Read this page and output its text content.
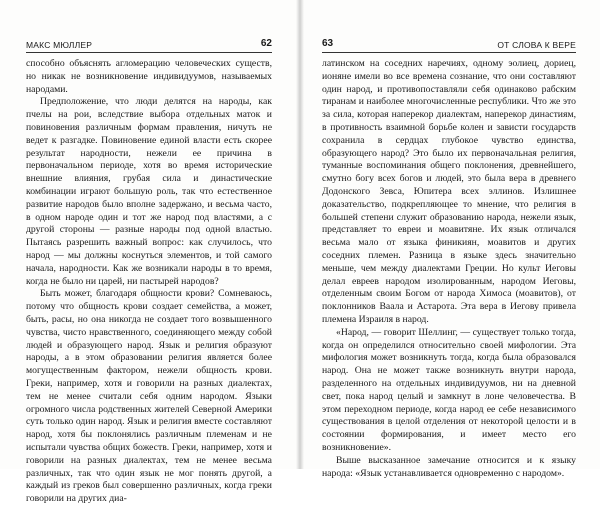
МАКС МЮЛЛЕР	62

способно объяснять агломерацию человеческих существ, но никак не возникновение индивидуумов, называемых народами.

Предположение, что люди делятся на народы, как пчелы на рои, вследствие выбора отдельных маток и повиновения различным формам правления, ничуть не ведет к разгадке. Повиновение единой власти есть скорее результат народности, нежели ее причина в первоначальном периоде, хотя во время исторические внешние влияния, грубая сила и династические комбинации играют большую роль, так что естественное развитие народов было вполне задержано, и весьма часто, в одном народе один и тот же народ под властями, а с другой стороны — разные народы под одной властью. Пытаясь разрешить важный вопрос: как случилось, что народ — мы должны коснуться элементов, и той самого начала, народности. Как же возникали народы в то время, когда не было ни царей, ни пастырей народов?

Быть может, благодаря общности крови? Сомневаюсь, потому что общность крови создает семейства, а может, быть, расы, но она никогда не создает того возвышенного чувства, чисто нравственного, соединяющего между собой людей и образующего народ. Язык и религия образуют народы, а в этом образовании религия является более могущественным фактором, нежели общность крови. Греки, например, хотя и говорили на разных диалектах, тем не менее считали себя одним народом. Языки огромного числа родственных жителей Северной Америки суть только один народ. Язык и религия вместе составляют народ, хотя бы поклонялись различным племенам и не испытали чувства общих божеств. Греки, например, хотя и говорили на разных диалектах, тем не менее весьма различных, так что один язык не мог понять другой, а каждый из греков был совершенно различных, когда греки говорили на других диа-

63	ОТ СЛОВА К ВЕРЕ

латинском на соседних наречиях, одному эолиец, дориец, ионяне имели во все времена сознание, что они составляют один народ, и противопоставляли себя одинаково рабским тиранам и наиболее многочисленные республики. Что же это за сила, которая наперекор диалектам, наперекор династиям, в противность взаимной борьбе колен и зависти государств сохранила в сердцах глубокое чувство единства, образующего народ? Это было их первоначальная религия, туманные воспоминания общего поклонения, древнейшего, смутно богу всех богов и людей, это была вера в древнего Додонского Зевса, Юпитера всех эллинов. Излишнее доказательство, подкрепляющее то мнение, что религия в большей степени служит образованию народа, нежели язык, представляет то евреи и моавитяне. Их язык отличался весьма мало от языка финикиян, моавитов и других соседних племен. Разница в языке здесь значительно меньше, чем между диалектами Греции. Но культ Иеговы делал евреев народом изолированным, народом Иеговы, отделенным своим Богом от народа Химоса (моавитов), от поклонников Ваала и Астарота. Эта вера в Иегову привела племена Израиля в народ.

«Народ, — говорит Шеллинг, — существует только тогда, когда он определился относительно своей мифологии. Эта мифология может возникнуть тогда, когда была образовался народ. Она не может также возникнуть внутри народа, разделенного на отдельных индивидуумов, ни на дневной свет, пока народ целый и замкнут в лоне человечества. В этом переходном периоде, когда народ ее себе независимого существования в целой отделения от некоторой целости и в состоянии формирования, и имеет место его возникновение».

Выше высказанное замечание относится и к языку народа: «Язык устанавливается одновременно с народом».
